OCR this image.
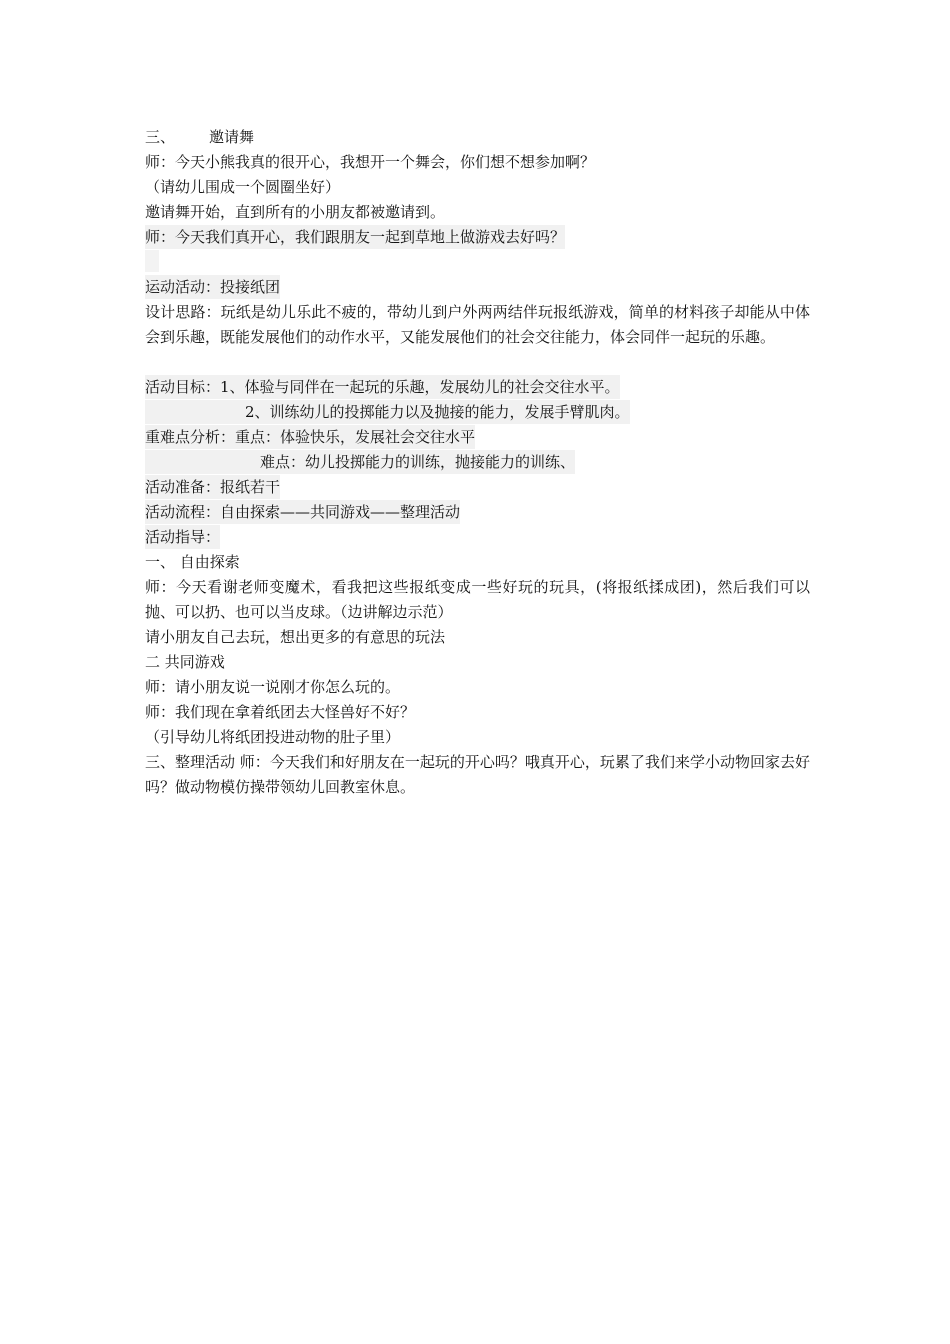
三、 邀请舞
师：今天小熊我真的很开心，我想开一个舞会，你们想不想参加啊？
（请幼儿围成一个圆圈坐好）
邀请舞开始，直到所有的小朋友都被邀请到。
师：今天我们真开心，我们跟朋友一起到草地上做游戏去好吗？
运动活动：投接纸团
设计思路：玩纸是幼儿乐此不疲的，带幼儿到户外两两结伴玩报纸游戏，简单的材料孩子却能从中体会到乐趣，既能发展他们的动作水平，又能发展他们的社会交往能力，体会同伴一起玩的乐趣。
活动目标：1、体验与同伴在一起玩的乐趣，发展幼儿的社会交往水平。
2、训练幼儿的投掷能力以及抛接的能力，发展手臂肌肉。
重难点分析：重点：体验快乐，发展社会交往水平
难点：幼儿投掷能力的训练，抛接能力的训练、
活动准备：报纸若干
活动流程：自由探索——共同游戏——整理活动
活动指导：
一、 自由探索
师：今天看谢老师变魔术，看我把这些报纸变成一些好玩的玩具，(将报纸揉成团)，然后我们可以抛、可以扔、也可以当皮球。（边讲解边示范）
请小朋友自己去玩，想出更多的有意思的玩法
二 共同游戏
师：请小朋友说一说刚才你怎么玩的。
师：我们现在拿着纸团去大怪兽好不好？
（引导幼儿将纸团投进动物的肚子里）
三、整理活动 师：今天我们和好朋友在一起玩的开心吗？哦真开心，玩累了我们来学小动物回家去好吗？做动物模仿操带领幼儿回教室休息。
